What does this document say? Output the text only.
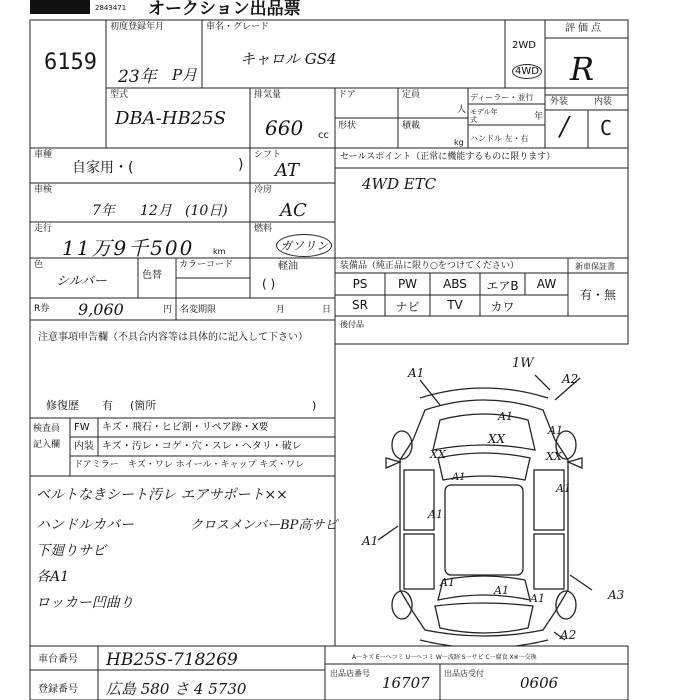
2843471 オークション出品票
初度登録年月
6159
23年 P月
車名・グレード
キャロル GS4
2WD
4WD
評価点
R
外装	内装
/ C
型式
DBA-HB25S
排気量
660 cc
ドア	定員
人
形状	積載
kg
ディーラー・並行
モデル年式	年
ハンドル 左・右
車種
自家用・(	)
シフト
AT
車検
7年 12月 (10日)
冷房
AC
走行
11万9千500 km
燃料
ガソリン
軽油
( )
色
シルバー	色替
カラーコード
R券 9,060	円 名変期限	月	日
注意事項申告欄（不具合内容等は具体的に記入して下さい）
修復歴 有 (箇所	)
セールスポイント（正常に機能するものに限ります）
4WD ETC
装備品（純正品に限り○をつけてください）	新車保証書
有・無
PS	PW	ABS	エアB	AW
SR	ナビ	TV	カワ
後付品
検査員
記入欄
FW キズ・飛石・ヒビ割・リペア跡・X要
内装 キズ・汚レ・コゲ・穴・スレ・ヘタリ・破レ
ドアミラー キズ・ワレ ホイール・キャップ キズ・ワレ
ベルトなきシート汚レ エアサポート××
ハンドルカバー
下廻りサビ
各A1
ロッカー凹曲り
クロスメンバーBP高サビ
A1
1W
A2
A1
XX
A1
XX	XX
A1
A1
A1
A1
A3
A1
A1
A1
A2
車台番号 HB25S-718269
登録番号 広島 580 さ 4 5730
A一キズ E一ヘコミ U一ヘコミ W一波跡 S一サビ C一腐食 X※一交換
出品店番号
16707
出品店受付
0606
